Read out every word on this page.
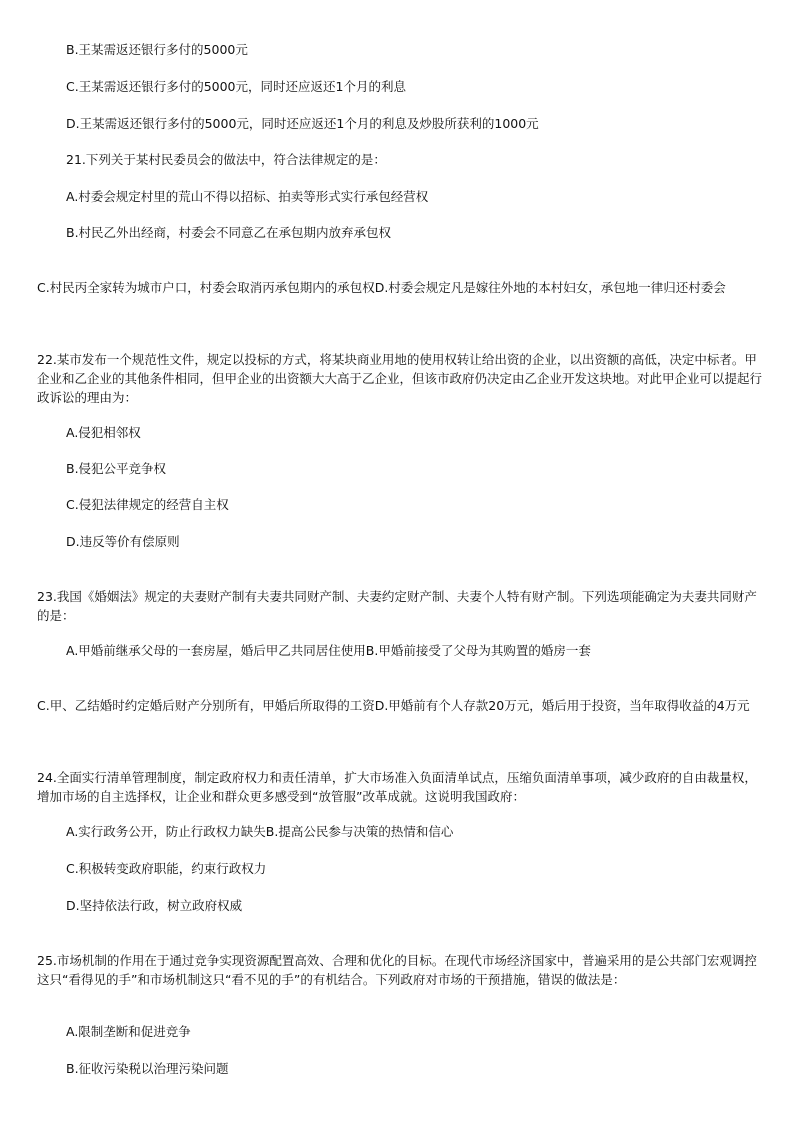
B.王某需返还银行多付的5000元
C.王某需返还银行多付的5000元，同时还应返还1个月的利息
D.王某需返还银行多付的5000元，同时还应返还1个月的利息及炒股所获利的1000元
21.下列关于某村民委员会的做法中，符合法律规定的是：
A.村委会规定村里的荒山不得以招标、拍卖等形式实行承包经营权
B.村民乙外出经商，村委会不同意乙在承包期内放弃承包权
C.村民丙全家转为城市户口，村委会取消丙承包期内的承包权D.村委会规定凡是嫁往外地的本村妇女，承包地一律归还村委会
22.某市发布一个规范性文件，规定以投标的方式，将某块商业用地的使用权转让给出资的企业，以出资额的高低，决定中标者。甲企业和乙企业的其他条件相同，但甲企业的出资额大大高于乙企业，但该市政府仍决定由乙企业开发这块地。对此甲企业可以提起行政诉讼的理由为：
A.侵犯相邻权
B.侵犯公平竞争权
C.侵犯法律规定的经营自主权
D.违反等价有偿原则
23.我国《婚姻法》规定的夫妻财产制有夫妻共同财产制、夫妻约定财产制、夫妻个人特有财产制。下列选项能确定为夫妻共同财产的是：
A.甲婚前继承父母的一套房屋，婚后甲乙共同居住使用B.甲婚前接受了父母为其购置的婚房一套
C.甲、乙结婚时约定婚后财产分别所有，甲婚后所取得的工资D.甲婚前有个人存款20万元，婚后用于投资，当年取得收益的4万元
24.全面实行清单管理制度，制定政府权力和责任清单，扩大市场准入负面清单试点，压缩负面清单事项，减少政府的自由裁量权，增加市场的自主选择权，让企业和群众更多感受到“放管服”改革成就。这说明我国政府：
A.实行政务公开，防止行政权力缺失B.提高公民参与决策的热情和信心
C.积极转变政府职能，约束行政权力
D.坚持依法行政，树立政府权威
25.市场机制的作用在于通过竞争实现资源配置高效、合理和优化的目标。在现代市场经济国家中，普遍采用的是公共部门宏观调控这只“看得见的手”和市场机制这只“看不见的手”的有机结合。下列政府对市场的干预措施，错误的做法是：
A.限制垄断和促进竞争
B.征收污染税以治理污染问题
